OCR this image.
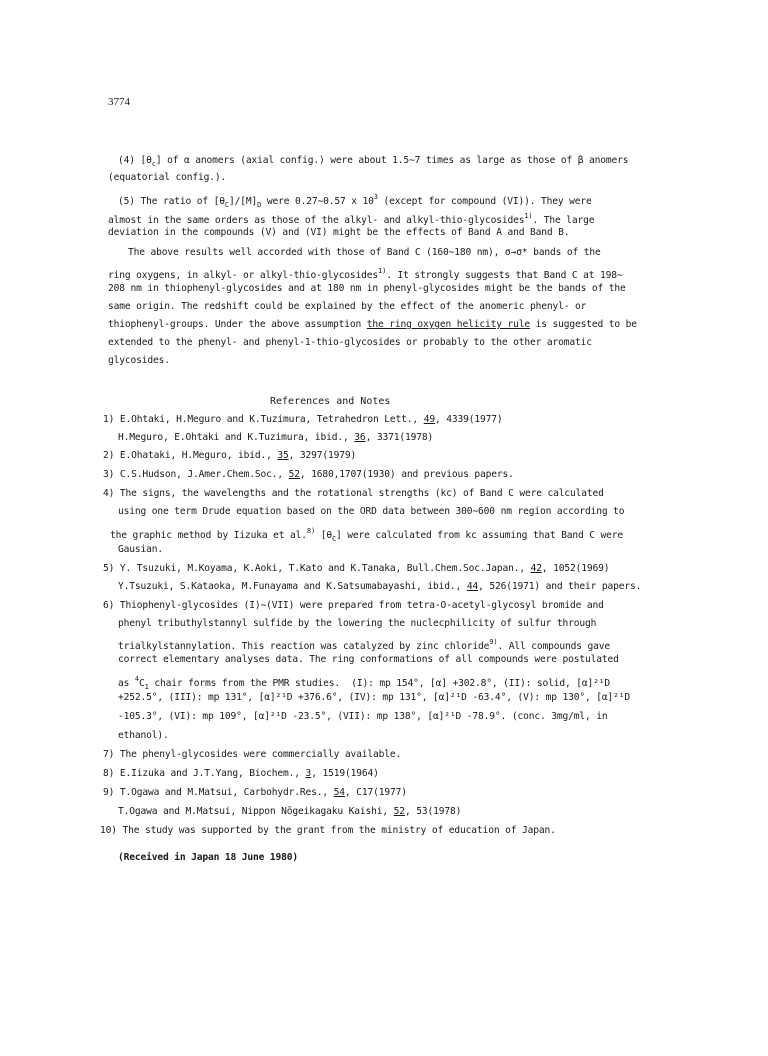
3774
(4) $[\theta_c]$ of α anomers (axial config.) were about 1.5∼7 times as large as those of β anomers
(equatorial config.).
(5) The ratio of $[\theta_C]/[M]_D$ were 0.27∼0.57 x $10^3$ (except for compound (VI)). They were
almost in the same orders as those of the alkyl- and alkyl-thio-glycosides$^{1)}$. The large
deviation in the compounds (V) and (VI) might be the effects of Band A and Band B.
The above results well accorded with those of Band C (160∼180 nm), σ→σ* bands of the
ring oxygens, in alkyl- or alkyl-thio-glycosides$^{1)}$. It strongly suggests that Band C at 198∼
208 nm in thiophenyl-glycosides and at 180 nm in phenyl-glycosides might be the bands of the
same origin. The redshift could be explained by the effect of the anomeric phenyl- or
thiophenyl-groups. Under the above assumption the ring oxygen helicity rule is suggested to be
extended to the phenyl- and phenyl-1-thio-glycosides or probably to the other aromatic
glycosides.
References and Notes
1) E.Ohtaki, H.Meguro and K.Tuzimura, Tetrahedron Lett., 49, 4339(1977)
H.Meguro, E.Ohtaki and K.Tuzimura, ibid., 36, 3371(1978)
2) E.Ohataki, H.Meguro, ibid., 35, 3297(1979)
3) C.S.Hudson, J.Amer.Chem.Soc., 52, 1680,1707(1930) and previous papers.
4) The signs, the wavelengths and the rotational strengths (kc) of Band C were calculated
using one term Drude equation based on the ORD data between 300∼600 nm region according to
the graphic method by Iizuka et al.$^{8)}$ $[\theta_C]$ were calculated from kc assuming that Band C were
Gausian.
5) Y. Tsuzuki, M.Koyama, K.Aoki, T.Kato and K.Tanaka, Bull.Chem.Soc.Japan., 42, 1052(1969)
Y.Tsuzuki, S.Kataoka, M.Funayama and K.Satsumabayashi, ibid., 44, 526(1971) and their papers.
6) Thiophenyl-glycosides (I)∼(VII) were prepared from tetra-O-acetyl-glycosyl bromide and
phenyl tributhylstannyl sulfide by the lowering the nuclecphilicity of sulfur through
trialkylstannylation. This reaction was catalyzed by zinc chloride$^{9)}$. All compounds gave
correct elementary analyses data. The ring conformations of all compounds were postulated
as $^4C_1$ chair forms from the PMR studies.  (I): mp 154°, [α] +302.8°, (II): solid, [α]²¹D
+252.5°, (III): mp 131°, [α]²¹D +376.6°, (IV): mp 131°, [α]²¹D -63.4°, (V): mp 130°, [α]²¹D
-105.3°, (VI): mp 109°, [α]²¹D -23.5°, (VII): mp 138°, [α]²¹D -78.9°. (conc. 3mg/ml, in
ethanol).
7) The phenyl-glycosides were commercially available.
8) E.Iizuka and J.T.Yang, Biochem., 3, 1519(1964)
9) T.Ogawa and M.Matsui, Carbohydr.Res., 54, C17(1977)
T.Ogawa and M.Matsui, Nippon Nōgeikagaku Kaishi, 52, 53(1978)
10) The study was supported by the grant from the ministry of education of Japan.
(Received in Japan 18 June 1980)
